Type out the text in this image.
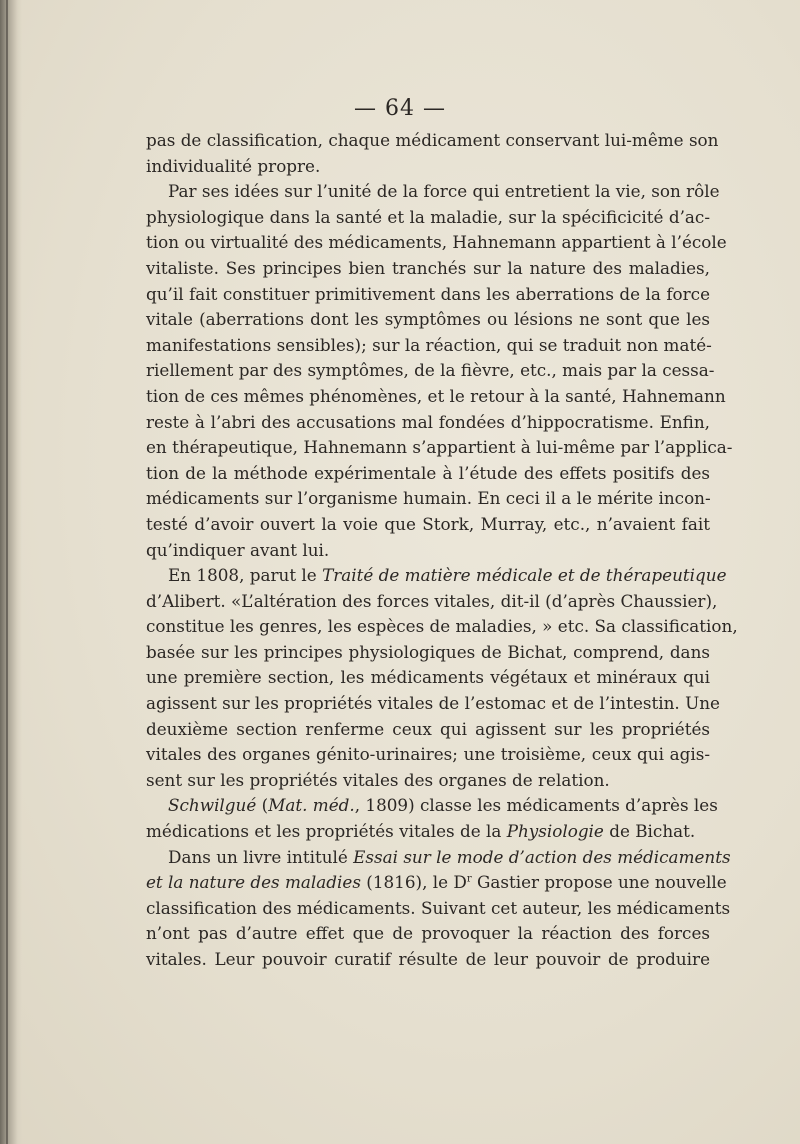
— 64 —
pas de classification, chaque médicament conservant lui-même son
individualité propre.
Par ses idées sur l’unité de la force qui entretient la vie, son rôle
physiologique dans la santé et la maladie, sur la spécificicité d’ac-
tion ou virtualité des médicaments, Hahnemann appartient à l’école
vitaliste. Ses principes bien tranchés sur la nature des maladies,
qu’il fait constituer primitivement dans les aberrations de la force
vitale (aberrations dont les symptômes ou lésions ne sont que les
manifestations sensibles); sur la réaction, qui se traduit non maté-
riellement par des symptômes, de la fièvre, etc., mais par la cessa-
tion de ces mêmes phénomènes, et le retour à la santé, Hahnemann
reste à l’abri des accusations mal fondées d’hippocratisme. Enfin,
en thérapeutique, Hahnemann s’appartient à lui-même par l’applica-
tion de la méthode expérimentale à l’étude des effets positifs des
médicaments sur l’organisme humain. En ceci il a le mérite incon-
testé d’avoir ouvert la voie que Stork, Murray, etc., n’avaient fait
qu’indiquer avant lui.
En 1808, parut le Traité de matière médicale et de thérapeutique
d’Alibert. «L’altération des forces vitales, dit-il (d’après Chaussier),
constitue les genres, les espèces de maladies, » etc. Sa classification,
basée sur les principes physiologiques de Bichat, comprend, dans
une première section, les médicaments végétaux et minéraux qui
agissent sur les propriétés vitales de l’estomac et de l’intestin. Une
deuxième section renferme ceux qui agissent sur les propriétés
vitales des organes génito-urinaires; une troisième, ceux qui agis-
sent sur les propriétés vitales des organes de relation.
Schwilgué (Mat. méd., 1809) classe les médicaments d’après les
médications et les propriétés vitales de la Physiologie de Bichat.
Dans un livre intitulé Essai sur le mode d’action des médicaments
et la nature des maladies (1816), le $D^r$ Gastier propose une nouvelle
classification des médicaments. Suivant cet auteur, les médicaments
n’ont pas d’autre effet que de provoquer la réaction des forces
vitales. Leur pouvoir curatif résulte de leur pouvoir de produire
